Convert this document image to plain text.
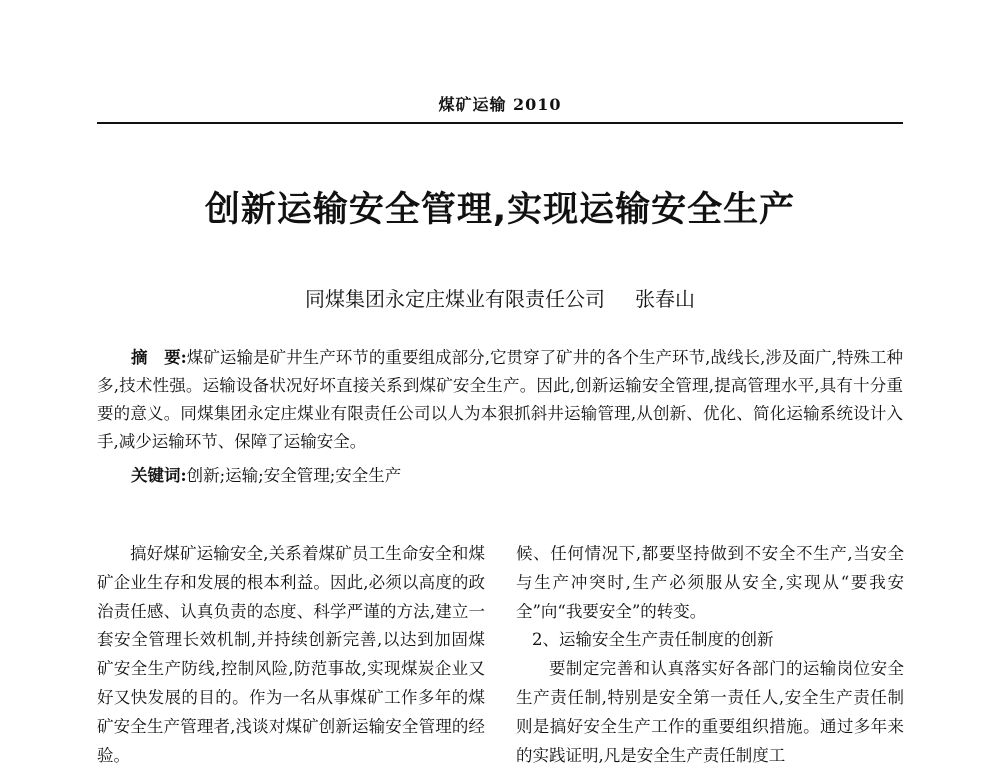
煤矿运输 2010
创新运输安全管理,实现运输安全生产
同煤集团永定庄煤业有限责任公司 张春山
摘　要:煤矿运输是矿井生产环节的重要组成部分,它贯穿了矿井的各个生产环节,战线长,涉及面广,特殊工种多,技术性强。运输设备状况好坏直接关系到煤矿安全生产。因此,创新运输安全管理,提高管理水平,具有十分重要的意义。同煤集团永定庄煤业有限责任公司以人为本狠抓斜井运输管理,从创新、优化、简化运输系统设计入手,减少运输环节、保障了运输安全。
关键词:创新;运输;安全管理;安全生产

搞好煤矿运输安全,关系着煤矿员工生命安全和煤矿企业生存和发展的根本利益。因此,必须以高度的政治责任感、认真负责的态度、科学严谨的方法,建立一套安全管理长效机制,并持续创新完善,以达到加固煤矿安全生产防线,控制风险,防范事故,实现煤炭企业又好又快发展的目的。作为一名从事煤矿工作多年的煤矿安全生产管理者,浅谈对煤矿创新运输安全管理的经验。

候、任何情况下,都要坚持做到不安全不生产,当安全与生产冲突时,生产必须服从安全,实现从“要我安全”向“我要安全”的转变。

2、运输安全生产责任制度的创新

要制定完善和认真落实好各部门的运输岗位安全生产责任制,特别是安全第一责任人,安全生产责任制则是搞好安全生产工作的重要组织措施。通过多年来的实践证明,凡是安全生产责任制度工
